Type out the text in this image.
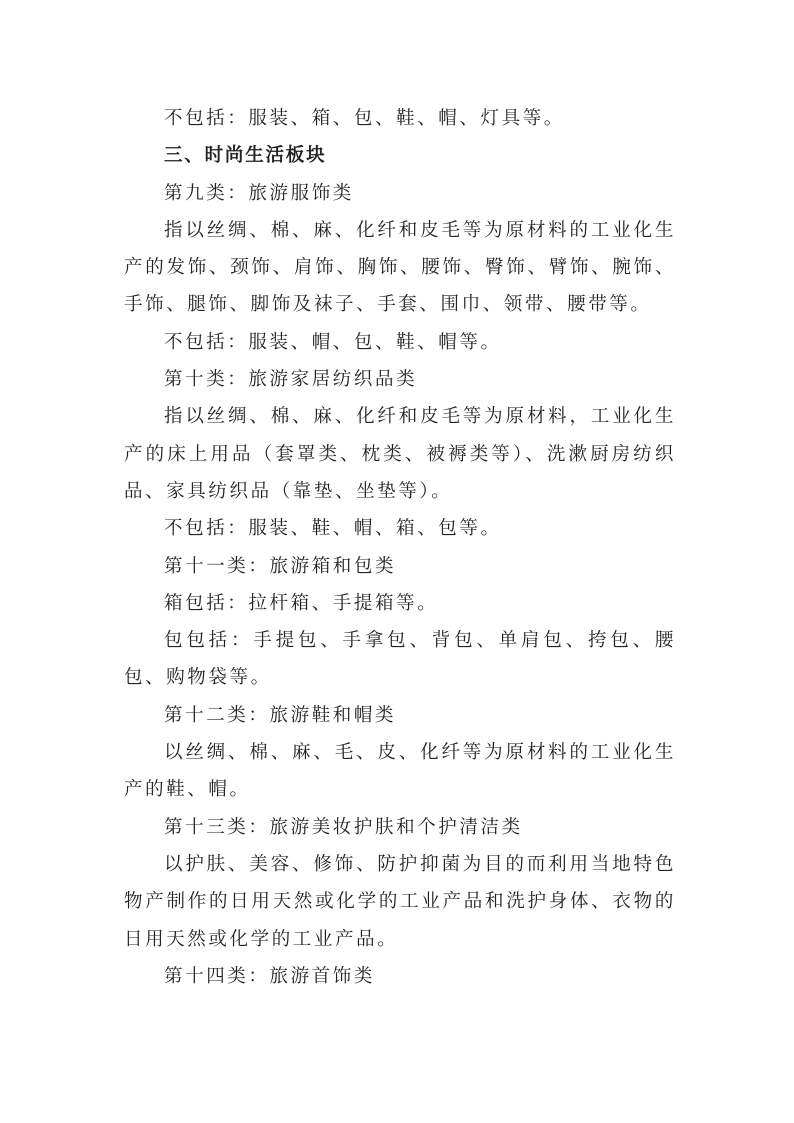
不包括：服装、箱、包、鞋、帽、灯具等。

三、时尚生活板块

第九类：旅游服饰类

指以丝绸、棉、麻、化纤和皮毛等为原材料的工业化生产的发饰、颈饰、肩饰、胸饰、腰饰、臀饰、臂饰、腕饰、手饰、腿饰、脚饰及袜子、手套、围巾、领带、腰带等。

不包括：服装、帽、包、鞋、帽等。

第十类：旅游家居纺织品类

指以丝绸、棉、麻、化纤和皮毛等为原材料，工业化生产的床上用品（套罩类、枕类、被褥类等）、洗漱厨房纺织品、家具纺织品（靠垫、坐垫等）。

不包括：服装、鞋、帽、箱、包等。

第十一类：旅游箱和包类

箱包括：拉杆箱、手提箱等。

包包括：手提包、手拿包、背包、单肩包、挎包、腰包、购物袋等。

第十二类：旅游鞋和帽类

以丝绸、棉、麻、毛、皮、化纤等为原材料的工业化生产的鞋、帽。

第十三类：旅游美妆护肤和个护清洁类

以护肤、美容、修饰、防护抑菌为目的而利用当地特色物产制作的日用天然或化学的工业产品和洗护身体、衣物的日用天然或化学的工业产品。

第十四类：旅游首饰类
